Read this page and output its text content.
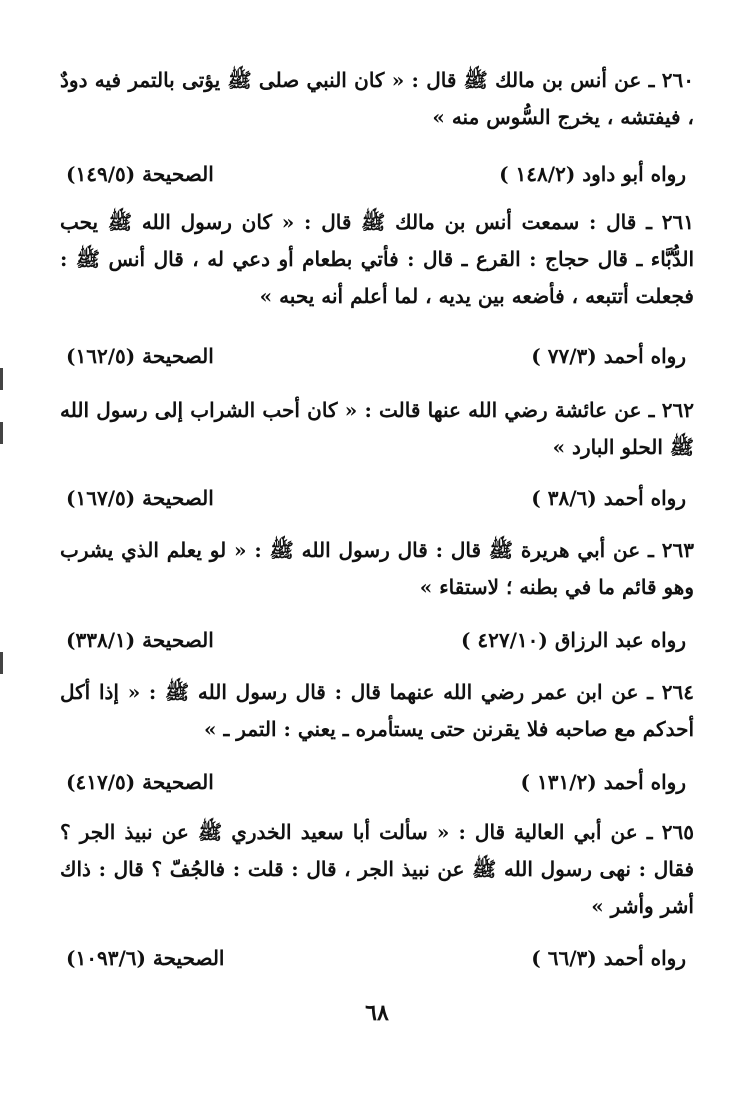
٢٦٠ ـ عن أنس بن مالك ﷺ قال : « كان النبي صلى ﷺ يؤتى بالتمر فيه دودٌ ، فيفتشه ، يخرج السُّوس منه »

رواه أبو داود (١٤٨/٢ )
الصحيحة (١٤٩/٥)

٢٦١ ـ قال : سمعت أنس بن مالك ﷺ قال : « كان رسول الله ﷺ يحب الدُّبَّاء ـ قال حجاج : القرع ـ قال : فأتي بطعام أو دعي له ، قال أنس ﷺ : فجعلت أتتبعه ، فأضعه بين يديه ، لما أعلم أنه يحبه »

رواه أحمد (٧٧/٣ )
الصحيحة (١٦٢/٥)

٢٦٢ ـ عن عائشة رضي الله عنها قالت : « كان أحب الشراب إلى رسول الله ﷺ الحلو البارد »

رواه أحمد (٣٨/٦ )
الصحيحة (١٦٧/٥)

٢٦٣ ـ عن أبي هريرة ﷺ قال : قال رسول الله ﷺ : « لو يعلم الذي يشرب وهو قائم ما في بطنه ؛ لاستقاء »

رواه عبد الرزاق (٤٢٧/١٠ )
الصحيحة (٣٣٨/١)

٢٦٤ ـ عن ابن عمر رضي الله عنهما قال : قال رسول الله ﷺ : « إذا أكل أحدكم مع صاحبه فلا يقرنن حتى يستأمره ـ يعني : التمر ـ »

رواه أحمد (١٣١/٢ )
الصحيحة (٤١٧/٥)

٢٦٥ ـ عن أبي العالية قال : « سألت أبا سعيد الخدري ﷺ عن نبيذ الجر ؟ فقال : نهى رسول الله ﷺ عن نبيذ الجر ، قال : قلت : فالجُفّ ؟ قال : ذاك أشر وأشر »

رواه أحمد (٦٦/٣ )
الصحيحة (١٠٩٣/٦)
٦٨
